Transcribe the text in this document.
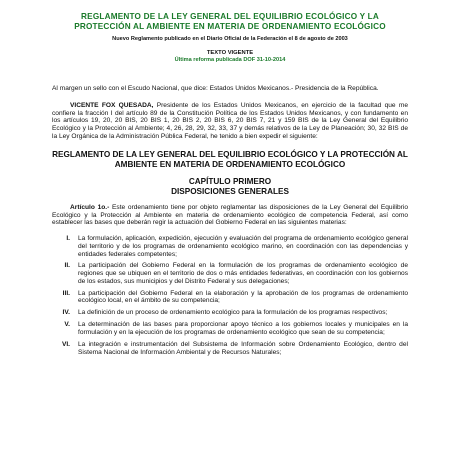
REGLAMENTO DE LA LEY GENERAL DEL EQUILIBRIO ECOLÓGICO Y LA PROTECCIÓN AL AMBIENTE EN MATERIA DE ORDENAMIENTO ECOLÓGICO
Nuevo Reglamento publicado en el Diario Oficial de la Federación el 8 de agosto de 2003
TEXTO VIGENTE
Última reforma publicada DOF 31-10-2014

Al margen un sello con el Escudo Nacional, que dice: Estados Unidos Mexicanos.- Presidencia de la República.

VICENTE FOX QUESADA, Presidente de los Estados Unidos Mexicanos, en ejercicio de la facultad que me confiere la fracción I del artículo 89 de la Constitución Política de los Estados Unidos Mexicanos, y con fundamento en los artículos 19, 20, 20 BIS, 20 BIS 1, 20 BIS 2, 20 BIS 6, 20 BIS 7, 21 y 159 BIS de la Ley General del Equilibrio Ecológico y la Protección al Ambiente; 4, 26, 28, 29, 32, 33, 37 y demás relativos de la Ley de Planeación; 30, 32 BIS de la Ley Orgánica de la Administración Pública Federal, he tenido a bien expedir el siguiente:

REGLAMENTO DE LA LEY GENERAL DEL EQUILIBRIO ECOLÓGICO Y LA PROTECCIÓN AL AMBIENTE EN MATERIA DE ORDENAMIENTO ECOLÓGICO
CAPÍTULO PRIMERO
DISPOSICIONES GENERALES

Artículo 1o.- Este ordenamiento tiene por objeto reglamentar las disposiciones de la Ley General del Equilibrio Ecológico y la Protección al Ambiente en materia de ordenamiento ecológico de competencia Federal, así como establecer las bases que deberán regir la actuación del Gobierno Federal en las siguientes materias:

I.	La formulación, aplicación, expedición, ejecución y evaluación del programa de ordenamiento ecológico general del territorio y de los programas de ordenamiento ecológico marino, en coordinación con las dependencias y entidades federales competentes;
II.	La participación del Gobierno Federal en la formulación de los programas de ordenamiento ecológico de regiones que se ubiquen en el territorio de dos o más entidades federativas, en coordinación con los gobiernos de los estados, sus municipios y del Distrito Federal y sus delegaciones;
III.	La participación del Gobierno Federal en la elaboración y la aprobación de los programas de ordenamiento ecológico local, en el ámbito de su competencia;
IV.	La definición de un proceso de ordenamiento ecológico para la formulación de los programas respectivos;
V.	La determinación de las bases para proporcionar apoyo técnico a los gobiernos locales y municipales en la formulación y en la ejecución de los programas de ordenamiento ecológico que sean de su competencia;
VI.	La integración e instrumentación del Subsistema de Información sobre Ordenamiento Ecológico, dentro del Sistema Nacional de Información Ambiental y de Recursos Naturales;
